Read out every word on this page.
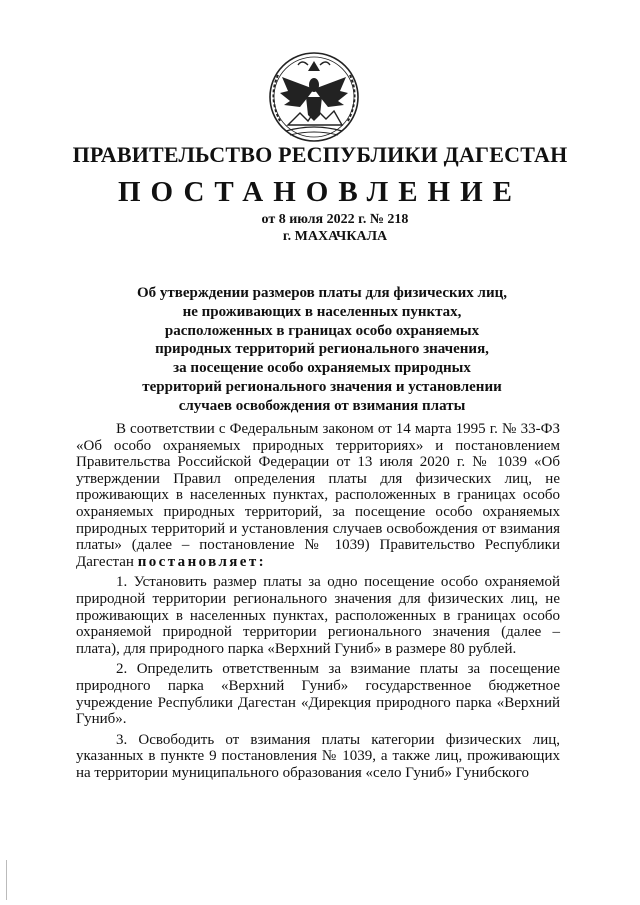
ПРАВИТЕЛЬСТВО РЕСПУБЛИКИ ДАГЕСТАН
ПОСТАНОВЛЕНИЕ
от 8 июля 2022 г. № 218
г. МАХАЧКАЛА
Об утверждении размеров платы для физических лиц,
не проживающих в населенных пунктах,
расположенных в границах особо охраняемых
природных территорий регионального значения,
за посещение особо охраняемых природных
территорий регионального значения и установлении
случаев освобождения от взимания платы

В соответствии с Федеральным законом от 14 марта 1995 г. № 33-ФЗ «Об особо охраняемых природных территориях» и постановлением Правительства Российской Федерации от 13 июля 2020 г. № 1039 «Об утверждении Правил определения платы для физических лиц, не проживающих в населенных пунктах, расположенных в границах особо охраняемых природных территорий, за посещение особо охраняемых природных территорий и установления случаев освобождения от взимания платы» (далее – постановление № 1039) Правительство Республики Дагестан постановляет:

1. Установить размер платы за одно посещение особо охраняемой природной территории регионального значения для физических лиц, не проживающих в населенных пунктах, расположенных в границах особо охраняемой природной территории регионального значения (далее – плата), для природного парка «Верхний Гуниб» в размере 80 рублей.

2. Определить ответственным за взимание платы за посещение природного парка «Верхний Гуниб» государственное бюджетное учреждение Республики Дагестан «Дирекция природного парка «Верхний Гуниб».

3. Освободить от взимания платы категории физических лиц, указанных в пункте 9 постановления № 1039, а также лиц, проживающих на территории муниципального образования «село Гуниб» Гунибского
